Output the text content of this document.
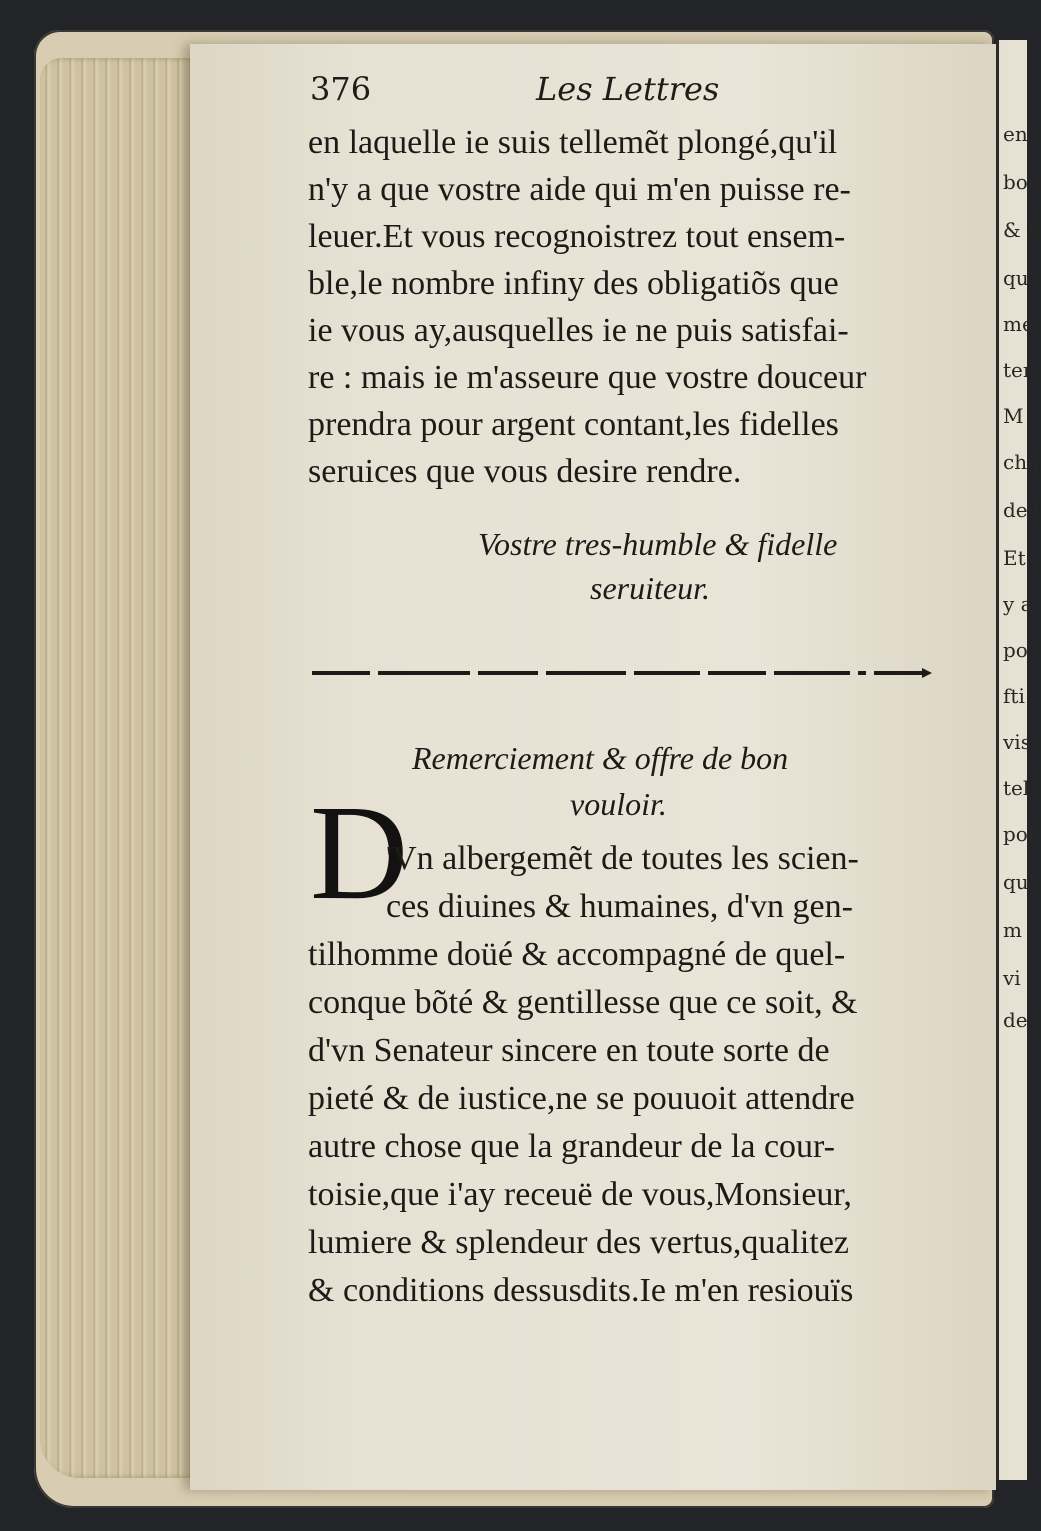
en
bon
& fi
qu'
me
ter
M
cha
de l
Et
y a
po
fti
vis
tel
pof
qu'
m
vi
de
376	Les Lettres
en laquelle ie suis tellemẽt plongé,qu'il
n'y a que vostre aide qui m'en puisse re-
leuer.Et vous recognoistrez tout ensem-
ble,le nombre infiny des obligatiõs que
ie vous ay,ausquelles ie ne puis satisfai-
re : mais ie m'asseure que vostre douceur
prendra pour argent contant,les fidelles
seruices que vous desire rendre.
Vostre tres-humble & fidelle
seruiteur.
Remerciement & offre de bon
vouloir.
D
'Vn albergemẽt de toutes les scien-
ces diuines & humaines, d'vn gen-
tilhomme doüé & accompagné de quel-
conque bõté & gentillesse que ce soit, &
d'vn Senateur sincere en toute sorte de
pieté & de iustice,ne se pouuoit attendre
autre chose que la grandeur de la cour-
toisie,que i'ay receuë de vous,Monsieur,
lumiere & splendeur des vertus,qualitez
& conditions dessusdits.Ie m'en resiouïs
